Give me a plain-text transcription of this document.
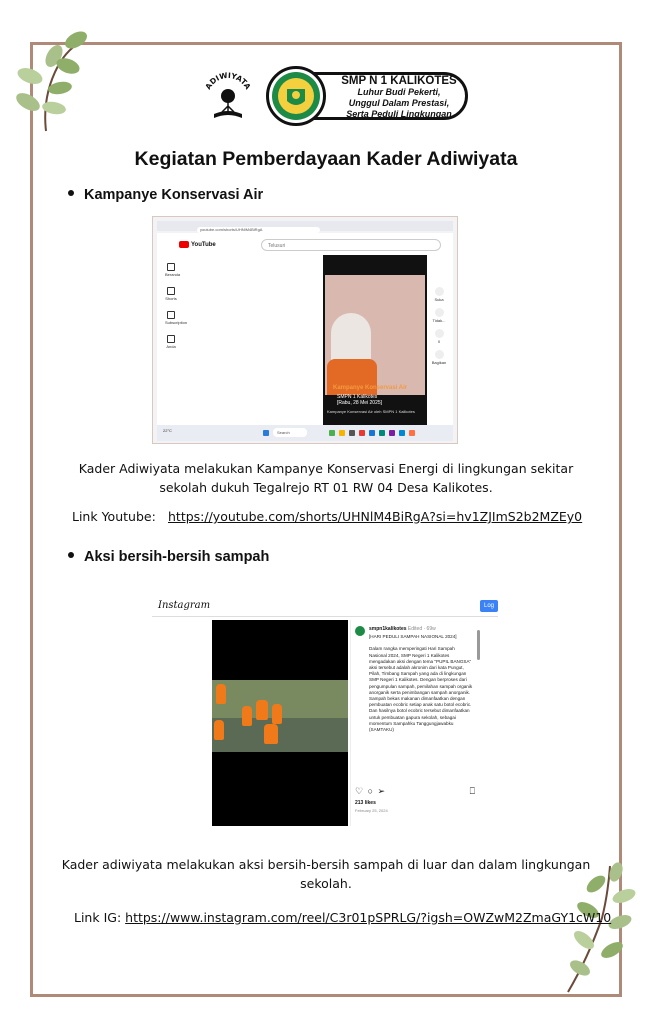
ADIWIYATA	SMP N 1 KALIKOTES
Luhur Budi Pekerti,
Unggul Dalam Prestasi,
Serta Peduli Lingkungan
Kegiatan Pemberdayaan Kader Adiwiyata
Kampanye Konservasi Air
youtube.com/shorts/UHNlM4BiRgA
YouTube	Telusuri
Beranda
Shorts
Subscription
Anda
Kampanye Konservasi Air
SMPN 1 Kalikotes
[Rabu, 28 Mei 2025]
Kampanye Konservasi Air oleh SMPN 1 Kalikotes
Suka
Tidak...
0
Bagikan
22°C	Search
Kader Adiwiyata melakukan Kampanye Konservasi Energi di lingkungan sekitar sekolah dukuh Tegalrejo RT 01 RW 04 Desa Kalikotes.
Link Youtube: https://youtube.com/shorts/UHNlM4BiRgA?si=hv1ZJImS2b2MZEy0
Aksi bersih-bersih sampah
Instagram	Log
smpn1kalikotes Edited · 69w
[HARI PEDULI SAMPAH NASIONAL 2024]

Dalam rangka memperingati Hari Sampah Nasional 2024, SMP Negeri 1 Kalikotes mengadakan aksi dengan tema "PUPIL BANGSA" aksi tersebut adalah akronim dari kata Pungut, Pilah, Timbang Sampah yang ada di lingkungan SMP Negeri 1 Kalikotes. Dengan berproses dari pengumpulan sampah, pemilahan sampah organik anorganik serta penimbangan sampah anorganik. Sampah bekas makanan dimanfaatkan dengan pembuatan ecobric setiap anak satu botol ecobric. Dan hasilnya botol ecobric tersebut dimanfaatkan untuk pembuatan gapura sekolah, sebagai momentum Sampahku Tanggungjawabku (SAMTAKU)
♡ ○ ➢	⎕
213 likes
February 25, 2024
Kader adiwiyata melakukan aksi bersih-bersih sampah di luar dan dalam lingkungan sekolah.
Link IG: https://www.instagram.com/reel/C3r01pSPRLG/?igsh=OWZwM2ZmaGY1cW10
